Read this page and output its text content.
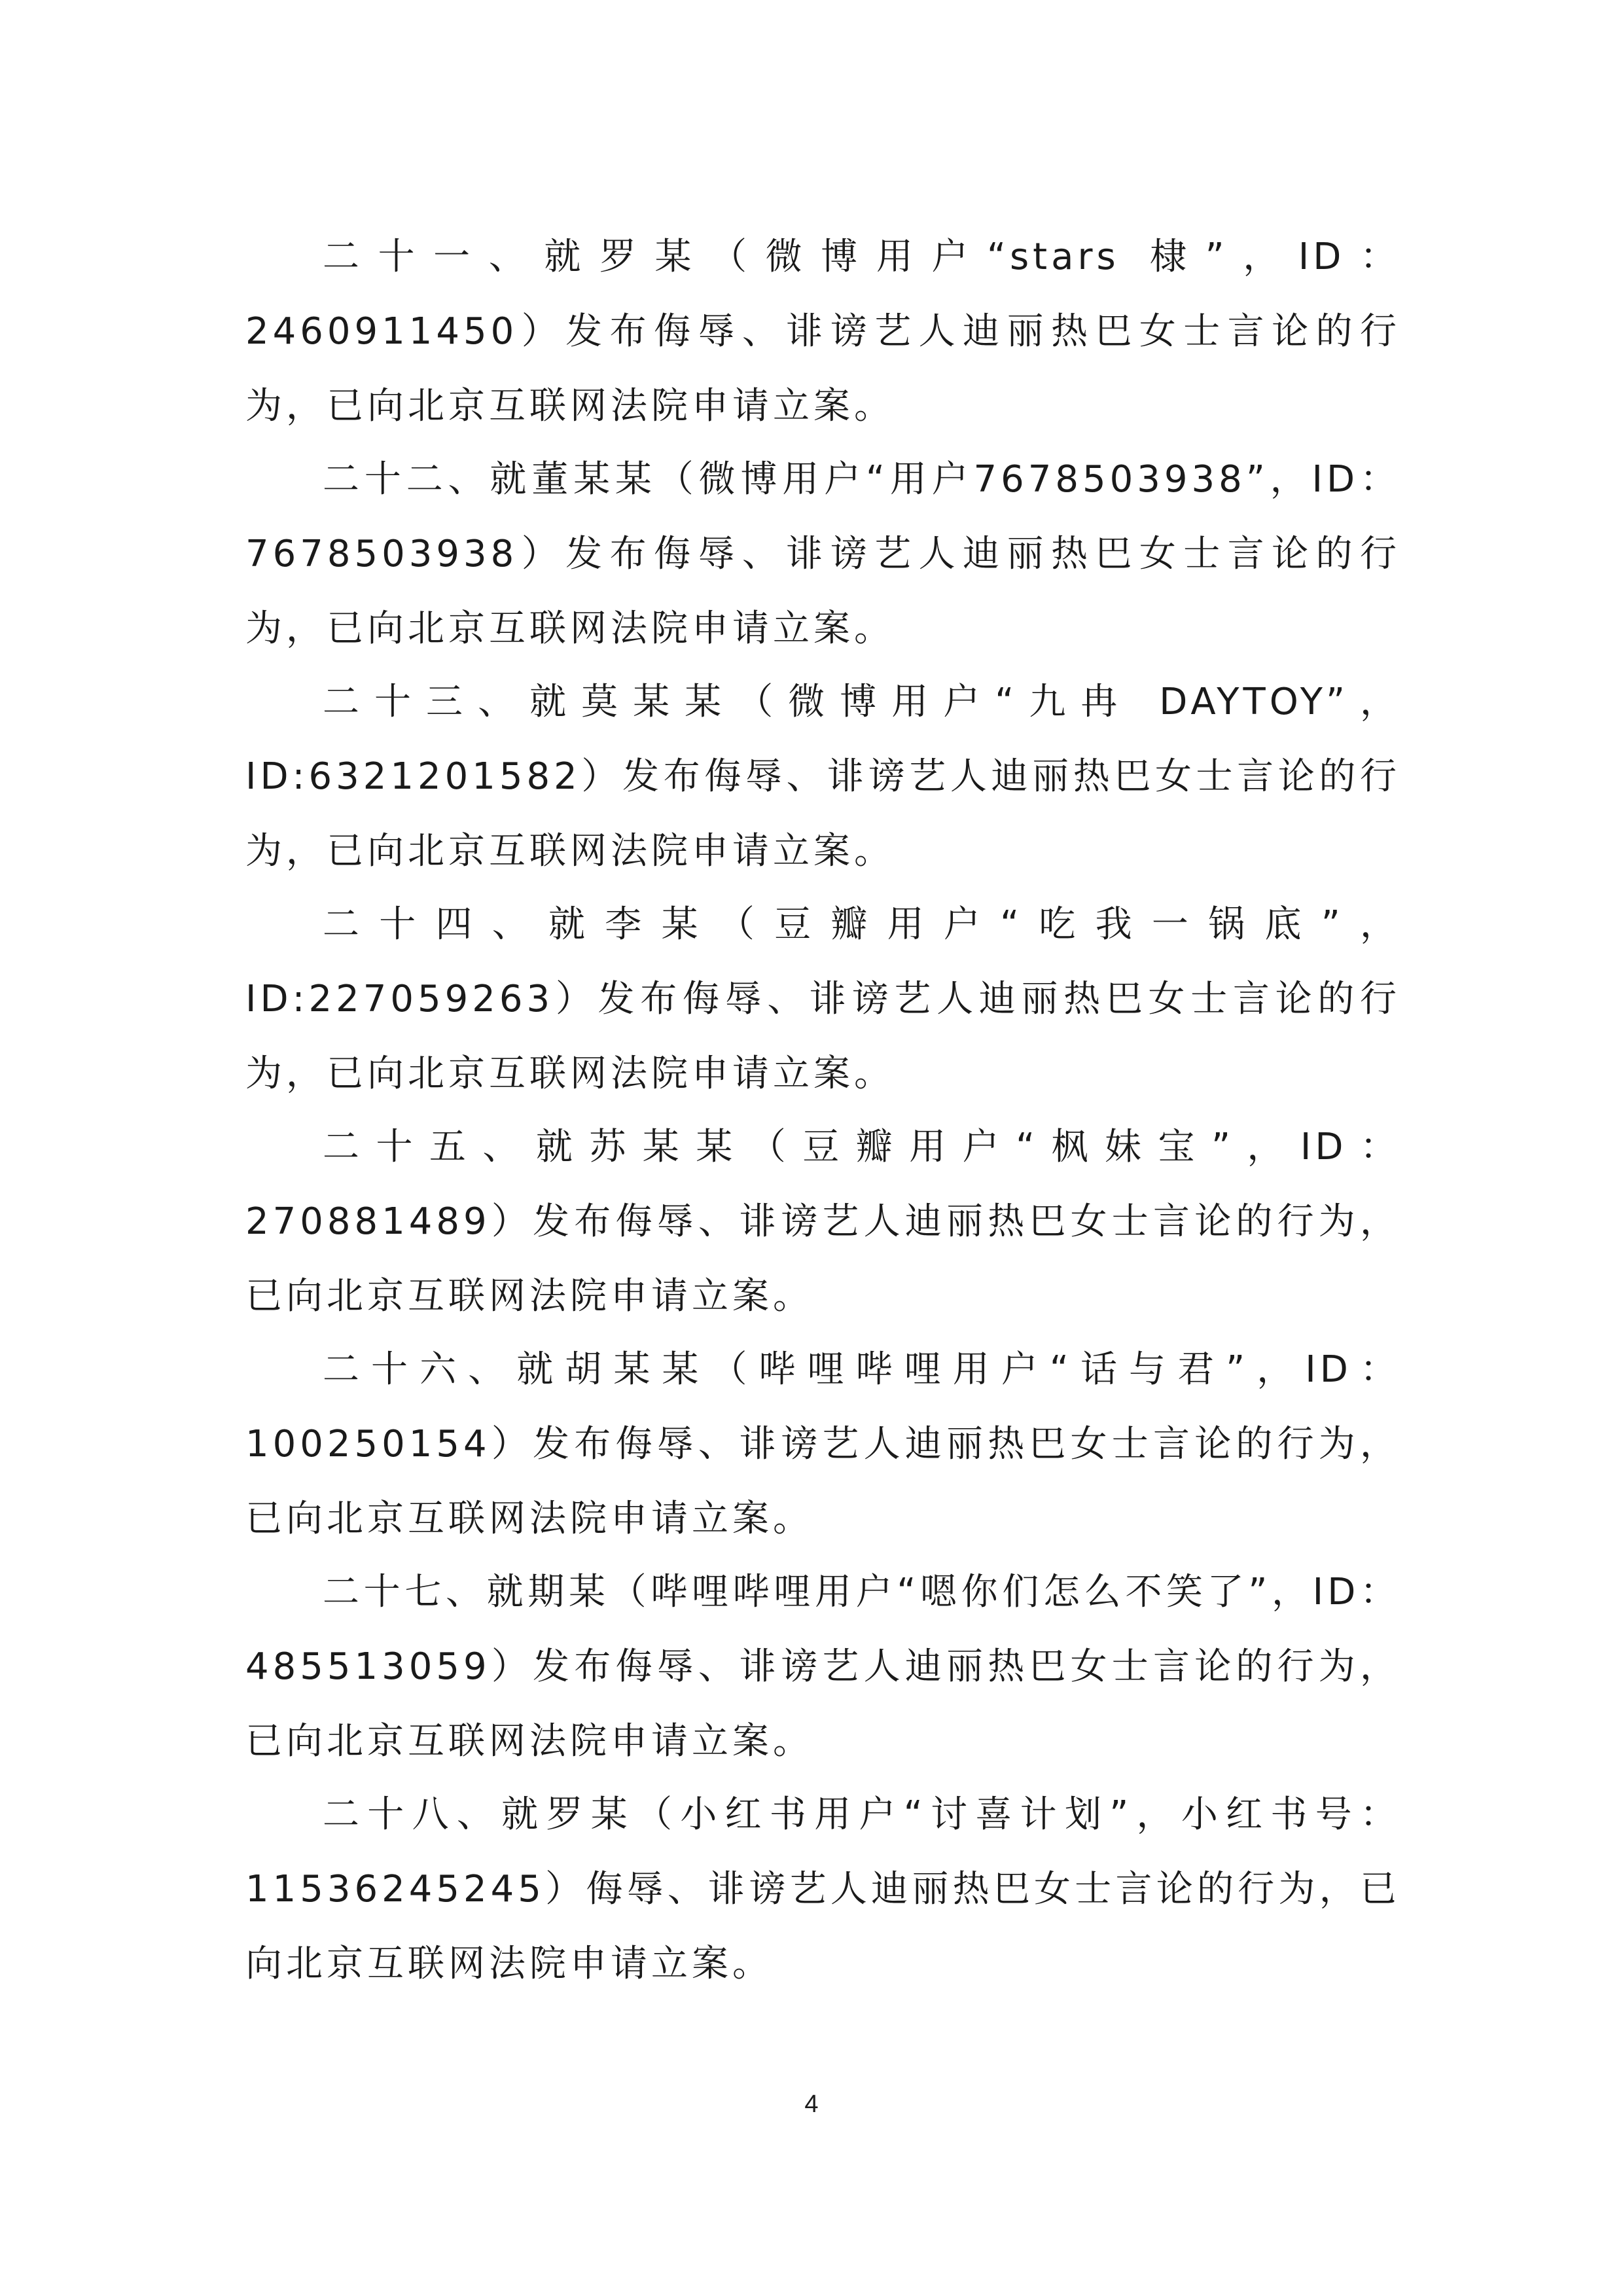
二十一、就罗某（微博用户“stars 棣”，ID：2460911450）发布侮辱、诽谤艺人迪丽热巴女士言论的行为，已向北京互联网法院申请立案。

二十二、就董某某（微博用户“用户7678503938”，ID：7678503938）发布侮辱、诽谤艺人迪丽热巴女士言论的行为，已向北京互联网法院申请立案。

二十三、就莫某某（微博用户“九冉 DAYTOY”，ID:6321201582）发布侮辱、诽谤艺人迪丽热巴女士言论的行为，已向北京互联网法院申请立案。

二十四、就李某（豆瓣用户“吃我一锅底”，ID:227059263）发布侮辱、诽谤艺人迪丽热巴女士言论的行为，已向北京互联网法院申请立案。

二十五、就苏某某（豆瓣用户“枫妹宝”，ID：270881489）发布侮辱、诽谤艺人迪丽热巴女士言论的行为，已向北京互联网法院申请立案。

二十六、就胡某某（哔哩哔哩用户“话与君”，ID：100250154）发布侮辱、诽谤艺人迪丽热巴女士言论的行为，已向北京互联网法院申请立案。

二十七、就期某（哔哩哔哩用户“嗯你们怎么不笑了”，ID：485513059）发布侮辱、诽谤艺人迪丽热巴女士言论的行为，已向北京互联网法院申请立案。

二十八、就罗某（小红书用户“讨喜计划”，小红书号：11536245245）侮辱、诽谤艺人迪丽热巴女士言论的行为，已向北京互联网法院申请立案。

4
